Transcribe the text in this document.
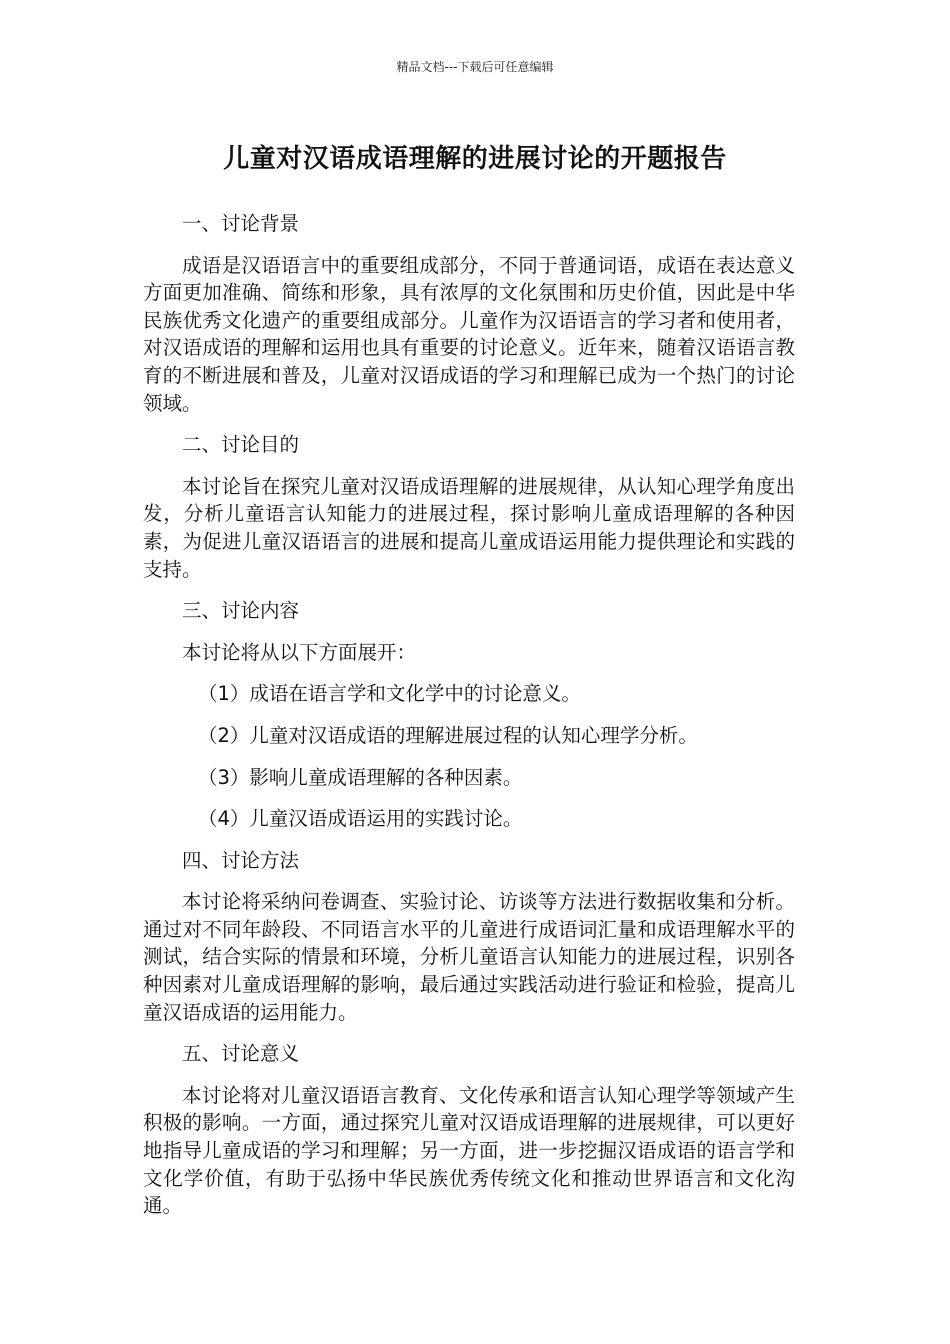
精品文档---下载后可任意编辑
儿童对汉语成语理解的进展讨论的开题报告

一、讨论背景

成语是汉语语言中的重要组成部分，不同于普通词语，成语在表达意义方面更加准确、简练和形象，具有浓厚的文化氛围和历史价值，因此是中华民族优秀文化遗产的重要组成部分。儿童作为汉语语言的学习者和使用者，对汉语成语的理解和运用也具有重要的讨论意义。近年来，随着汉语语言教育的不断进展和普及，儿童对汉语成语的学习和理解已成为一个热门的讨论领域。

二、讨论目的

本讨论旨在探究儿童对汉语成语理解的进展规律，从认知心理学角度出发，分析儿童语言认知能力的进展过程，探讨影响儿童成语理解的各种因素，为促进儿童汉语语言的进展和提高儿童成语运用能力提供理论和实践的支持。

三、讨论内容

本讨论将从以下方面展开：

（1）成语在语言学和文化学中的讨论意义。

（2）儿童对汉语成语的理解进展过程的认知心理学分析。

（3）影响儿童成语理解的各种因素。

（4）儿童汉语成语运用的实践讨论。

四、讨论方法

本讨论将采纳问卷调查、实验讨论、访谈等方法进行数据收集和分析。通过对不同年龄段、不同语言水平的儿童进行成语词汇量和成语理解水平的测试，结合实际的情景和环境，分析儿童语言认知能力的进展过程，识别各种因素对儿童成语理解的影响，最后通过实践活动进行验证和检验，提高儿童汉语成语的运用能力。

五、讨论意义

本讨论将对儿童汉语语言教育、文化传承和语言认知心理学等领域产生积极的影响。一方面，通过探究儿童对汉语成语理解的进展规律，可以更好地指导儿童成语的学习和理解；另一方面，进一步挖掘汉语成语的语言学和文化学价值，有助于弘扬中华民族优秀传统文化和推动世界语言和文化沟通。
